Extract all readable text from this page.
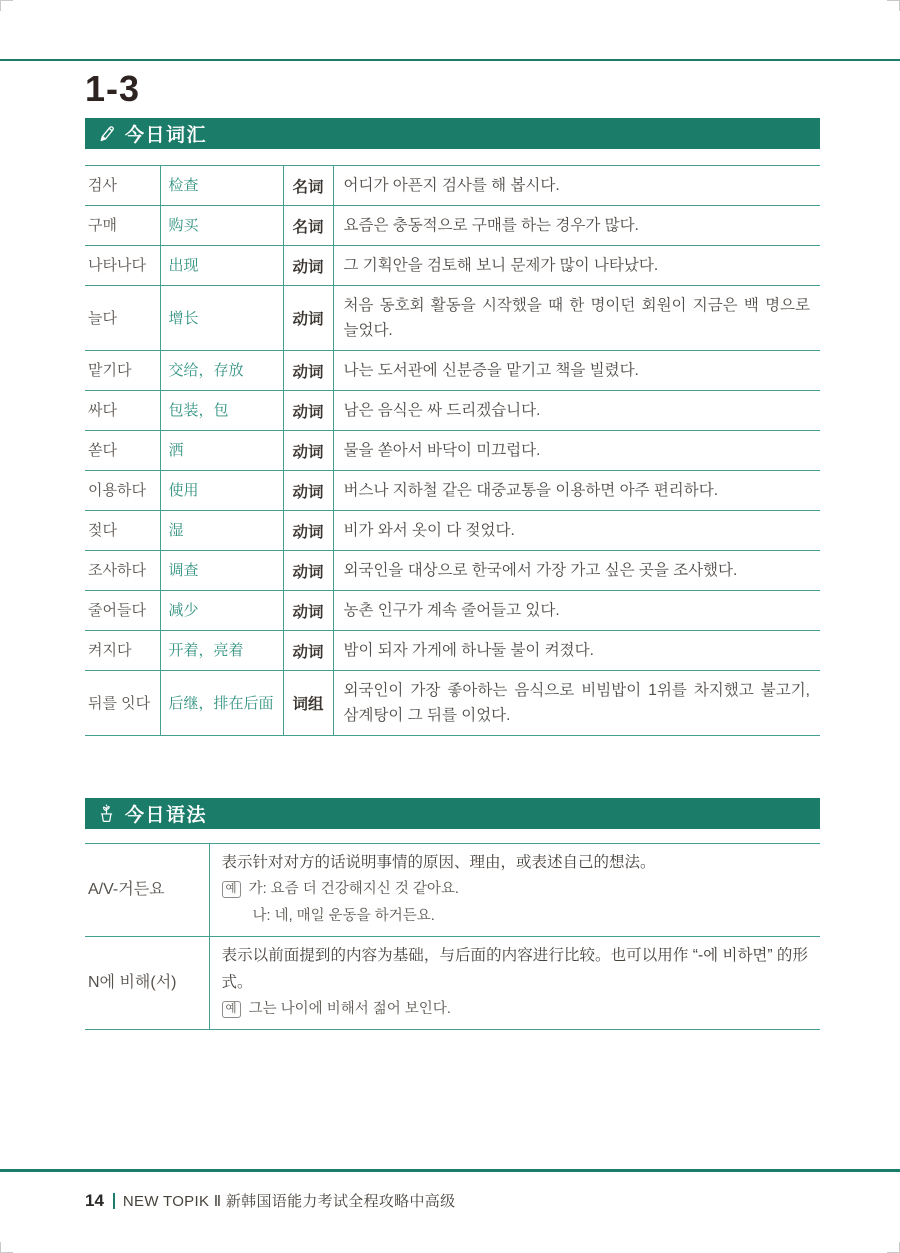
1-3
今日词汇
검사	检查	名词	어디가 아픈지 검사를 해 봅시다.
구매	购买	名词	요즘은 충동적으로 구매를 하는 경우가 많다.
나타나다	出现	动词	그 기획안을 검토해 보니 문제가 많이 나타났다.
늘다	增长	动词	처음 동호회 활동을 시작했을 때 한 명이던 회원이 지금은 백 명으로 늘었다.
맡기다	交给，存放	动词	나는 도서관에 신분증을 맡기고 책을 빌렸다.
싸다	包装，包	动词	남은 음식은 싸 드리겠습니다.
쏟다	洒	动词	물을 쏟아서 바닥이 미끄럽다.
이용하다	使用	动词	버스나 지하철 같은 대중교통을 이용하면 아주 편리하다.
젖다	湿	动词	비가 와서 옷이 다 젖었다.
조사하다	调查	动词	외국인을 대상으로 한국에서 가장 가고 싶은 곳을 조사했다.
줄어들다	减少	动词	농촌 인구가 계속 줄어들고 있다.
켜지다	开着，亮着	动词	밤이 되자 가게에 하나둘 불이 켜졌다.
뒤를 잇다	后继，排在后面	词组	외국인이 가장 좋아하는 음식으로 비빔밥이 1위를 차지했고 불고기, 삼계탕이 그 뒤를 이었다.
今日语法
A/V-거든요	表示针对对方的话说明事情的原因、理由，或表述自己的想法。
예 가: 요즘 더 건강해지신 것 같아요.
나: 네, 매일 운동을 하거든요.

N에 비해(서)	表示以前面提到的内容为基础，与后面的内容进行比较。也可以用作 “-에 비하면” 的形式。
예 그는 나이에 비해서 젊어 보인다.
14 NEW TOPIK Ⅱ 新韩国语能力考试全程攻略中高级
